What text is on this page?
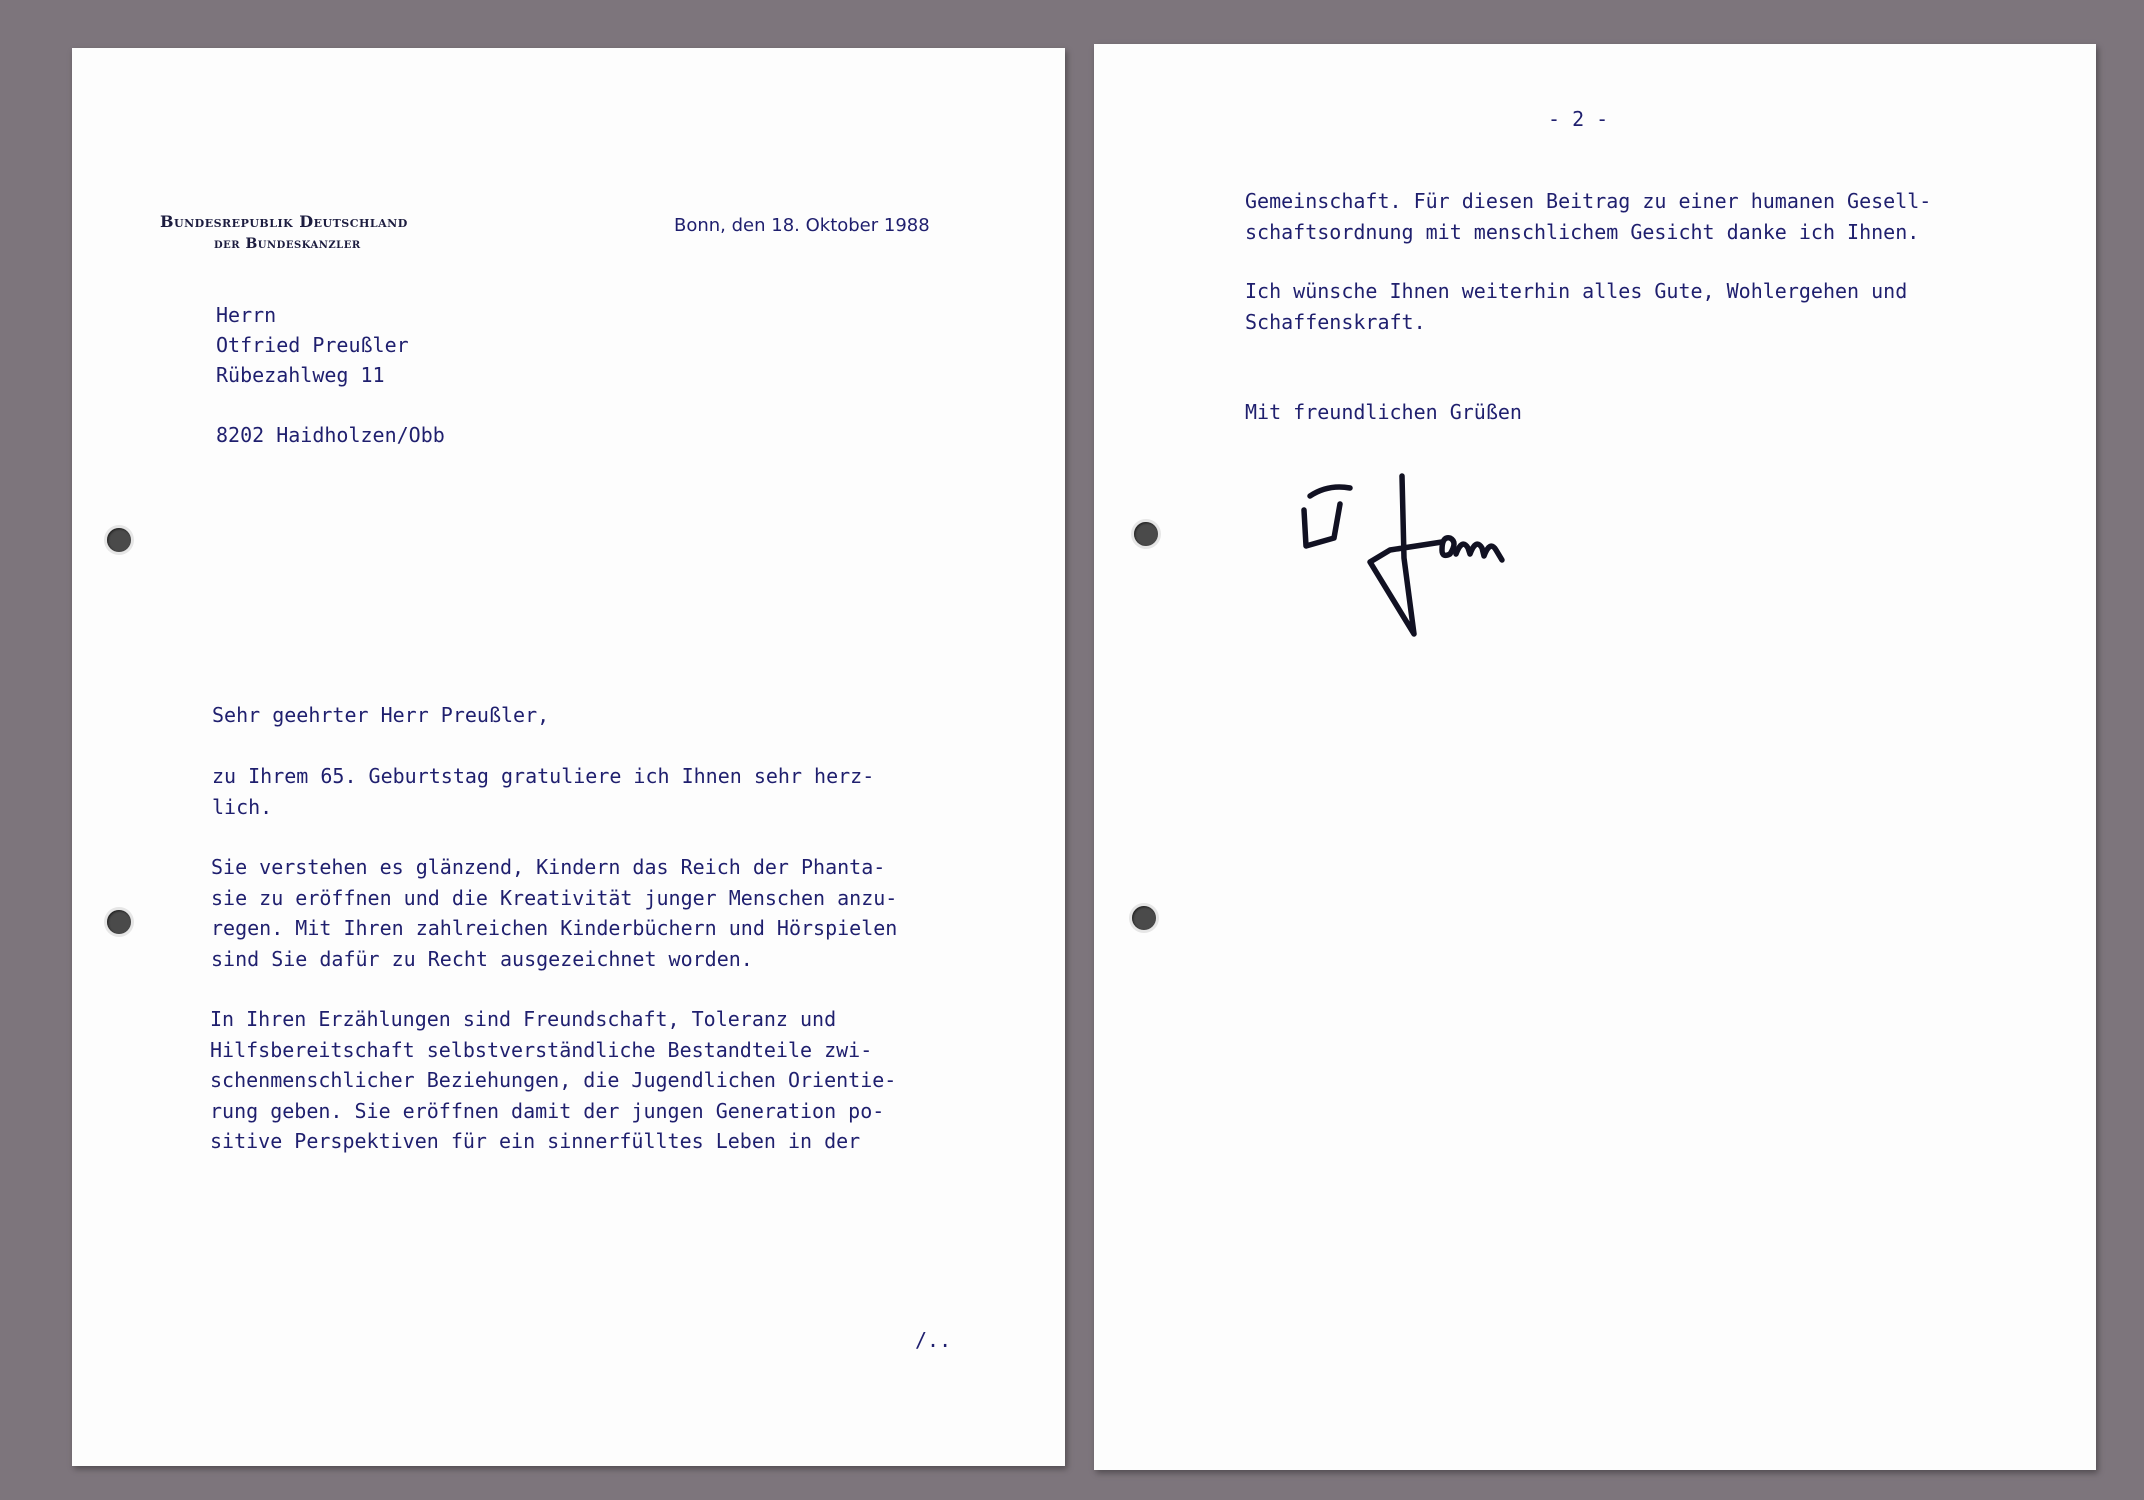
Bundesrepublik Deutschland

der Bundeskanzler

Bonn, den 18. Oktober 1988

Herrn

Otfried Preußler

Rübezahlweg 11

8202 Haidholzen/Obb

Sehr geehrter Herr Preußler,

zu Ihrem 65. Geburtstag gratuliere ich Ihnen sehr herz-
lich.

Sie verstehen es glänzend, Kindern das Reich der Phanta-
sie zu eröffnen und die Kreativität junger Menschen anzu-
regen. Mit Ihren zahlreichen Kinderbüchern und Hörspielen
sind Sie dafür zu Recht ausgezeichnet worden.

In Ihren Erzählungen sind Freundschaft, Toleranz und
Hilfsbereitschaft selbstverständliche Bestandteile zwi-
schenmenschlicher Beziehungen, die Jugendlichen Orientie-
rung geben. Sie eröffnen damit der jungen Generation po-
sitive Perspektiven für ein sinnerfülltes Leben in der

/..

- 2 -

Gemeinschaft. Für diesen Beitrag zu einer humanen Gesell-
schaftsordnung mit menschlichem Gesicht danke ich Ihnen.

Ich wünsche Ihnen weiterhin alles Gute, Wohlergehen und
Schaffenskraft.

Mit freundlichen Grüßen
